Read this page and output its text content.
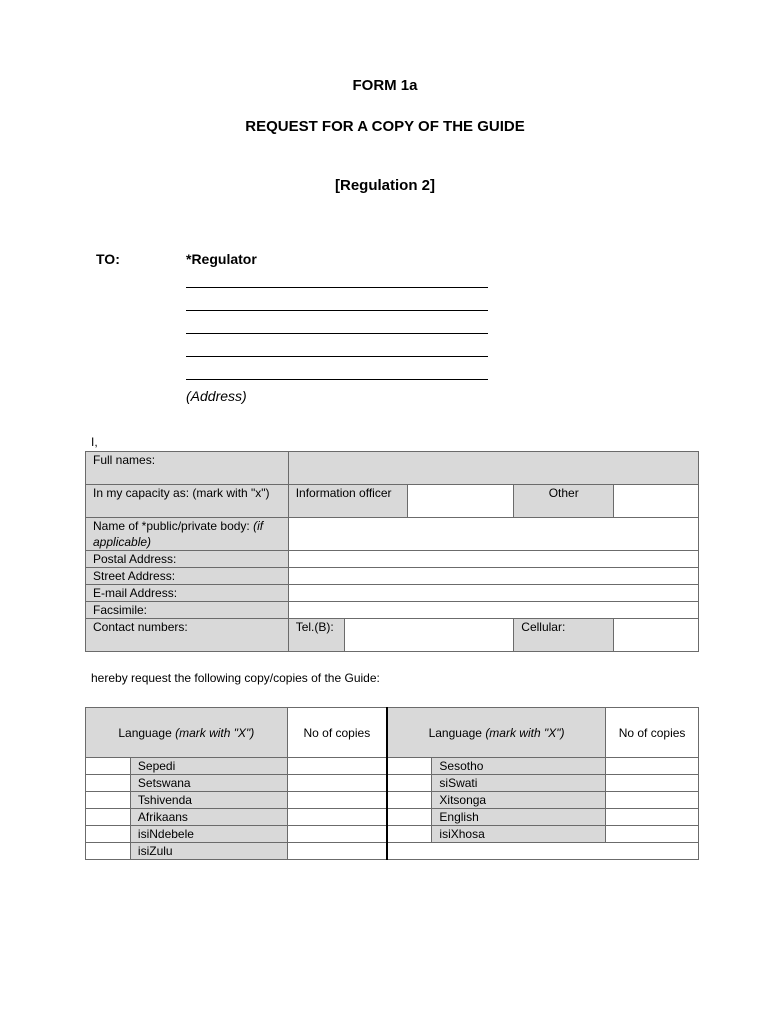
FORM 1a
REQUEST FOR A COPY OF THE GUIDE
[Regulation 2]
TO:	*Regulator
(Address)
I,
Full names:					
In my capacity as: (mark with "x")	Information officer			Other	
Name of *public/private body: (if applicable)					
Postal Address:					
Street Address:					
E-mail Address:					
Facsimile:					
Contact numbers:	Tel.(B):			Cellular:	
hereby request the following copy/copies of the Guide:
Language (mark with "X")		No of copies	Language (mark with "X")		No of copies
	Sepedi			Sesotho	
	Setswana			siSwati	
	Tshivenda			Xitsonga	
	Afrikaans			English	
	isiNdebele			isiXhosa	
	isiZulu				
